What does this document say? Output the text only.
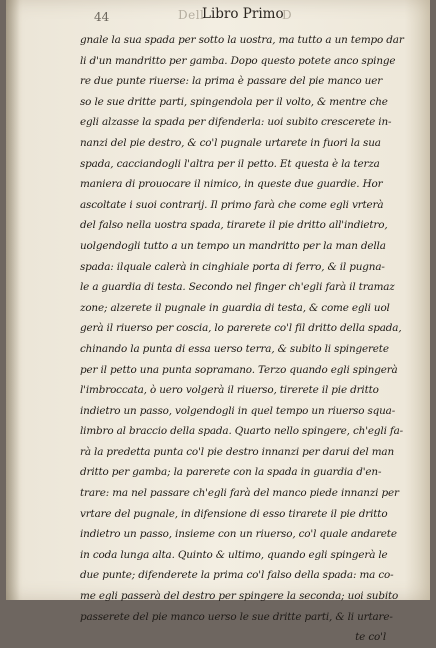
44	Dell
Libro Primo
D
gnale la sua spada per sotto la uostra, ma tutto a un tempo dar
li d'un mandritto per gamba. Dopo questo potete anco spinge
re due punte riuerse: la prima è passare del pie manco uer
so le sue dritte parti, spingendola per il volto, & mentre che
egli alzasse la spada per difenderla: uoi subito crescerete in-
nanzi del pie destro, & co'l pugnale urtarete in fuori la sua
spada, cacciandogli l'altra per il petto. Et questa è la terza
maniera di prouocare il nimico, in queste due guardie. Hor
ascoltate i suoi contrarij. Il primo farà che come egli vrterà
del falso nella uostra spada, tirarete il pie dritto all'indietro,
uolgendogli tutto a un tempo un mandritto per la man della
spada: ilquale calerà in cinghiale porta di ferro, & il pugna-
le a guardia di testa. Secondo nel finger ch'egli farà il tramaz
zone; alzerete il pugnale in guardia di testa, & come egli uol
gerà il riuerso per coscia, lo parerete co'l fil dritto della spada,
chinando la punta di essa uerso terra, & subito li spingerete
per il petto una punta sopramano. Terzo quando egli spingerà
l'imbroccata, ò uero volgerà il riuerso, tirerete il pie dritto
indietro un passo, volgendogli in quel tempo un riuerso squa-
limbro al braccio della spada. Quarto nello spingere, ch'egli fa-
rà la predetta punta co'l pie destro innanzi per darui del man
dritto per gamba; la parerete con la spada in guardia d'en-
trare: ma nel passare ch'egli farà del manco piede innanzi per
vrtare del pugnale, in difensione di esso tirarete il pie dritto
indietro un passo, insieme con un riuerso, co'l quale andarete
in coda lunga alta. Quinto & ultimo, quando egli spingerà le
due punte; difenderete la prima co'l falso della spada: ma co-
me egli passerà del destro per spingere la seconda; uoi subito
passerete del pie manco uerso le sue dritte parti, & li urtare-
te co'l
